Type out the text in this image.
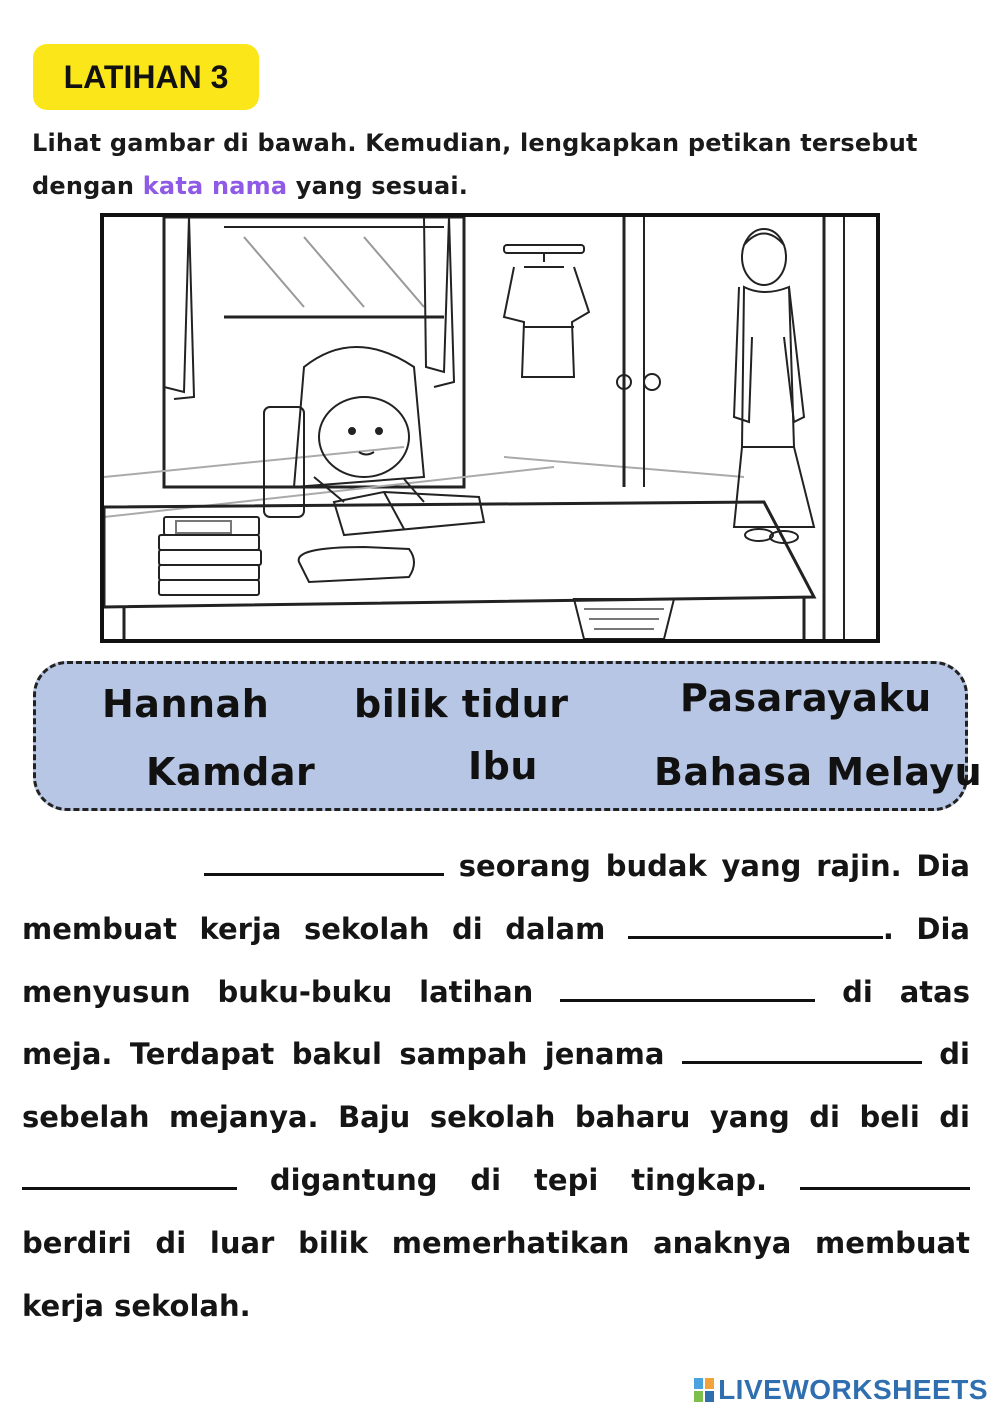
LATIHAN 3
Lihat gambar di bawah. Kemudian, lengkapkan petikan tersebut dengan kata nama yang sesuai.
Hannah bilik tidur	Pasarayaku
Kamdar	Ibu	Bahasa Melayu
seorang budak yang rajin. Dia membuat kerja sekolah di dalam	. Dia menyusun buku-buku latihan	di atas meja. Terdapat bakul sampah jenama	di sebelah mejanya. Baju sekolah baharu yang di beli di  digantung di tepi tingkap.  berdiri di luar bilik memerhatikan anaknya membuat kerja sekolah.
LIVEWORKSHEETS
